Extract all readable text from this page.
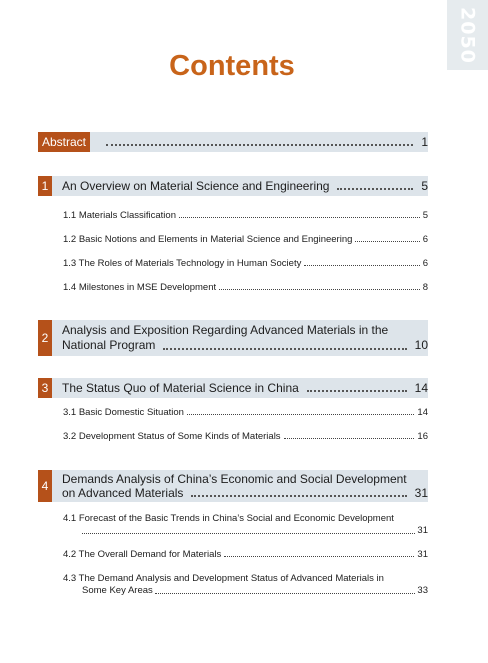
2050
Contents
Abstract	1
1	An Overview on Material Science and Engineering	5
1.1 Materials Classification	5
1.2 Basic Notions and Elements in Material Science and Engineering	6
1.3 The Roles of Materials Technology in Human Society	6
1.4 Milestones in MSE Development	8
2
Analysis and Exposition Regarding Advanced Materials in the
National Program	10
3	The Status Quo of Material Science in China	14
3.1 Basic Domestic Situation	14
3.2 Development Status of Some Kinds of Materials	16
4	Demands Analysis of China’s Economic and Social Development
on Advanced Materials	31
4.1 Forecast of the Basic Trends in China’s Social and Economic Development
31
4.2 The Overall Demand for Materials	31
4.3 The Demand Analysis and Development Status of Advanced Materials in
Some Key Areas	33
